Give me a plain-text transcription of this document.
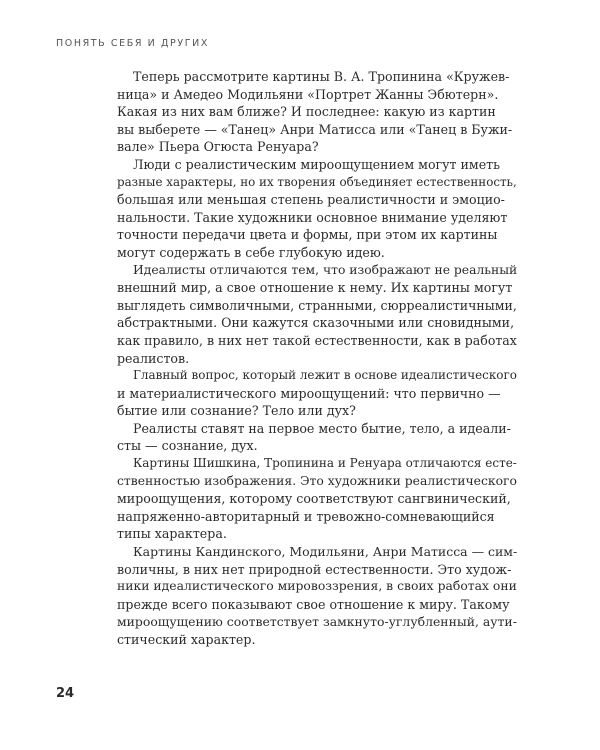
ПОНЯТЬ СЕБЯ И ДРУГИХ

Теперь рассмотрите картины В. А. Тропинина «Кружев-
ница» и Амедео Модильяни «Портрет Жанны Эбютерн».
Какая из них вам ближе? И последнее: какую из картин
вы выберете — «Танец» Анри Матисса или «Танец в Бужи-
вале» Пьера Огюста Ренуара?

Люди с реалистическим мироощущением могут иметь
разные характеры, но их творения объединяет естественность,
большая или меньшая степень реалистичности и эмоцио-
нальности. Такие художники основное внимание уделяют
точности передачи цвета и формы, при этом их картины
могут содержать в себе глубокую идею.

Идеалисты отличаются тем, что изображают не реальный
внешний мир, а свое отношение к нему. Их картины могут
выглядеть символичными, странными, сюрреалистичными,
абстрактными. Они кажутся сказочными или сновидными,
как правило, в них нет такой естественности, как в работах
реалистов.

Главный вопрос, который лежит в основе идеалистического
и материалистического мироощущений: что первично —
бытие или сознание? Тело или дух?

Реалисты ставят на первое место бытие, тело, а идеали-
сты — сознание, дух.

Картины Шишкина, Тропинина и Ренуара отличаются есте-
ственностью изображения. Это художники реалистического
мироощущения, которому соответствуют сангвинический,
напряженно-авторитарный и тревожно-сомневающийся
типы характера.

Картины Кандинского, Модильяни, Анри Матисса — сим-
воличны, в них нет природной естественности. Это худож-
ники идеалистического мировоззрения, в своих работах они
прежде всего показывают свое отношение к миру. Такому
мироощущению соответствует замкнуто-углубленный, аути-
стический характер.

24
